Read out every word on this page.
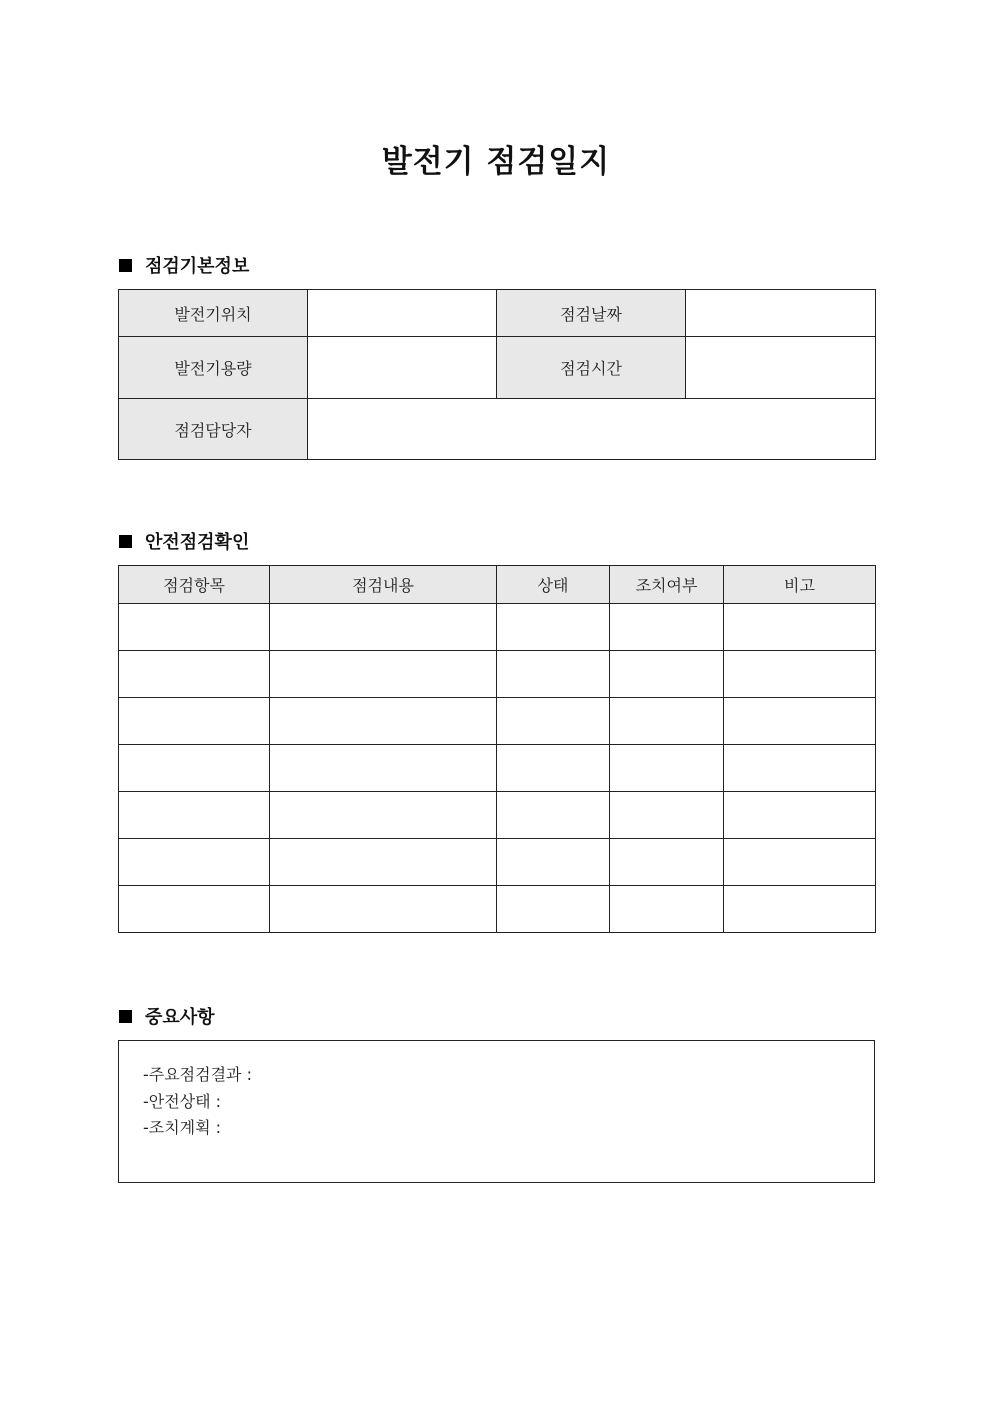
발전기 점검일지
점검기본정보
발전기위치		점검날짜	
발전기용량		점검시간	
점검담당자			
안전점검확인
점검항목	점검내용	상태	조치여부	비고

중요사항
-주요점검결과 :
-안전상태 :
-조치계획 :
